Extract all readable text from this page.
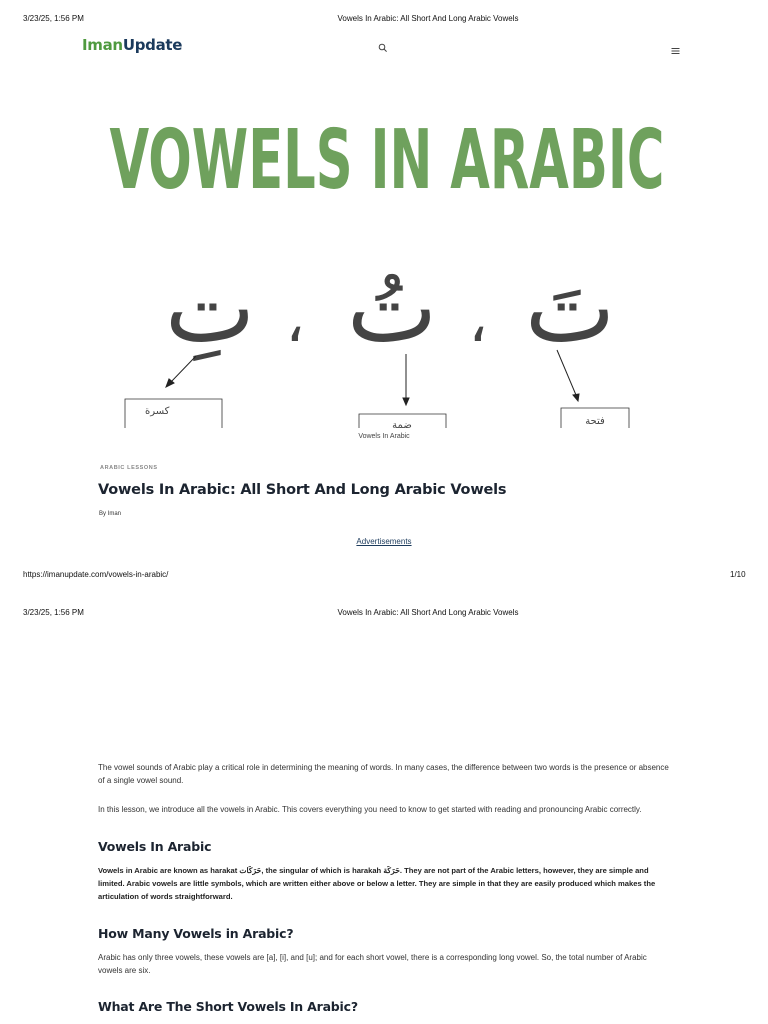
3/23/25, 1:56 PM	Vowels In Arabic: All Short And Long Arabic Vowels
ImanUpdate
VOWELS IN ARABIC
تِ ، تُ ، تَ
كسرة
ضمة	فتحة
Vowels In Arabic
ARABIC LESSONS
Vowels In Arabic: All Short And Long Arabic Vowels
By Iman
Advertisements
https://imanupdate.com/vowels-in-arabic/	1/10
3/23/25, 1:56 PM	Vowels In Arabic: All Short And Long Arabic Vowels
The vowel sounds of Arabic play a critical role in determining the meaning of words. In many cases, the difference between two words is the presence or absence of a single vowel sound.
In this lesson, we introduce all the vowels in Arabic. This covers everything you need to know to get started with reading and pronouncing Arabic correctly.
Vowels In Arabic
Vowels in Arabic are known as harakat حَرَكَات, the singular of which is harakah حَرَكَة. They are not part of the Arabic letters, however, they are simple and limited. Arabic vowels are little symbols, which are written either above or below a letter. They are simple in that they are easily produced which makes the articulation of words straightforward.
How Many Vowels in Arabic?
Arabic has only three vowels, these vowels are [a], [i], and [u]; and for each short vowel, there is a corresponding long vowel. So, the total number of Arabic vowels are six.
What Are The Short Vowels In Arabic?
